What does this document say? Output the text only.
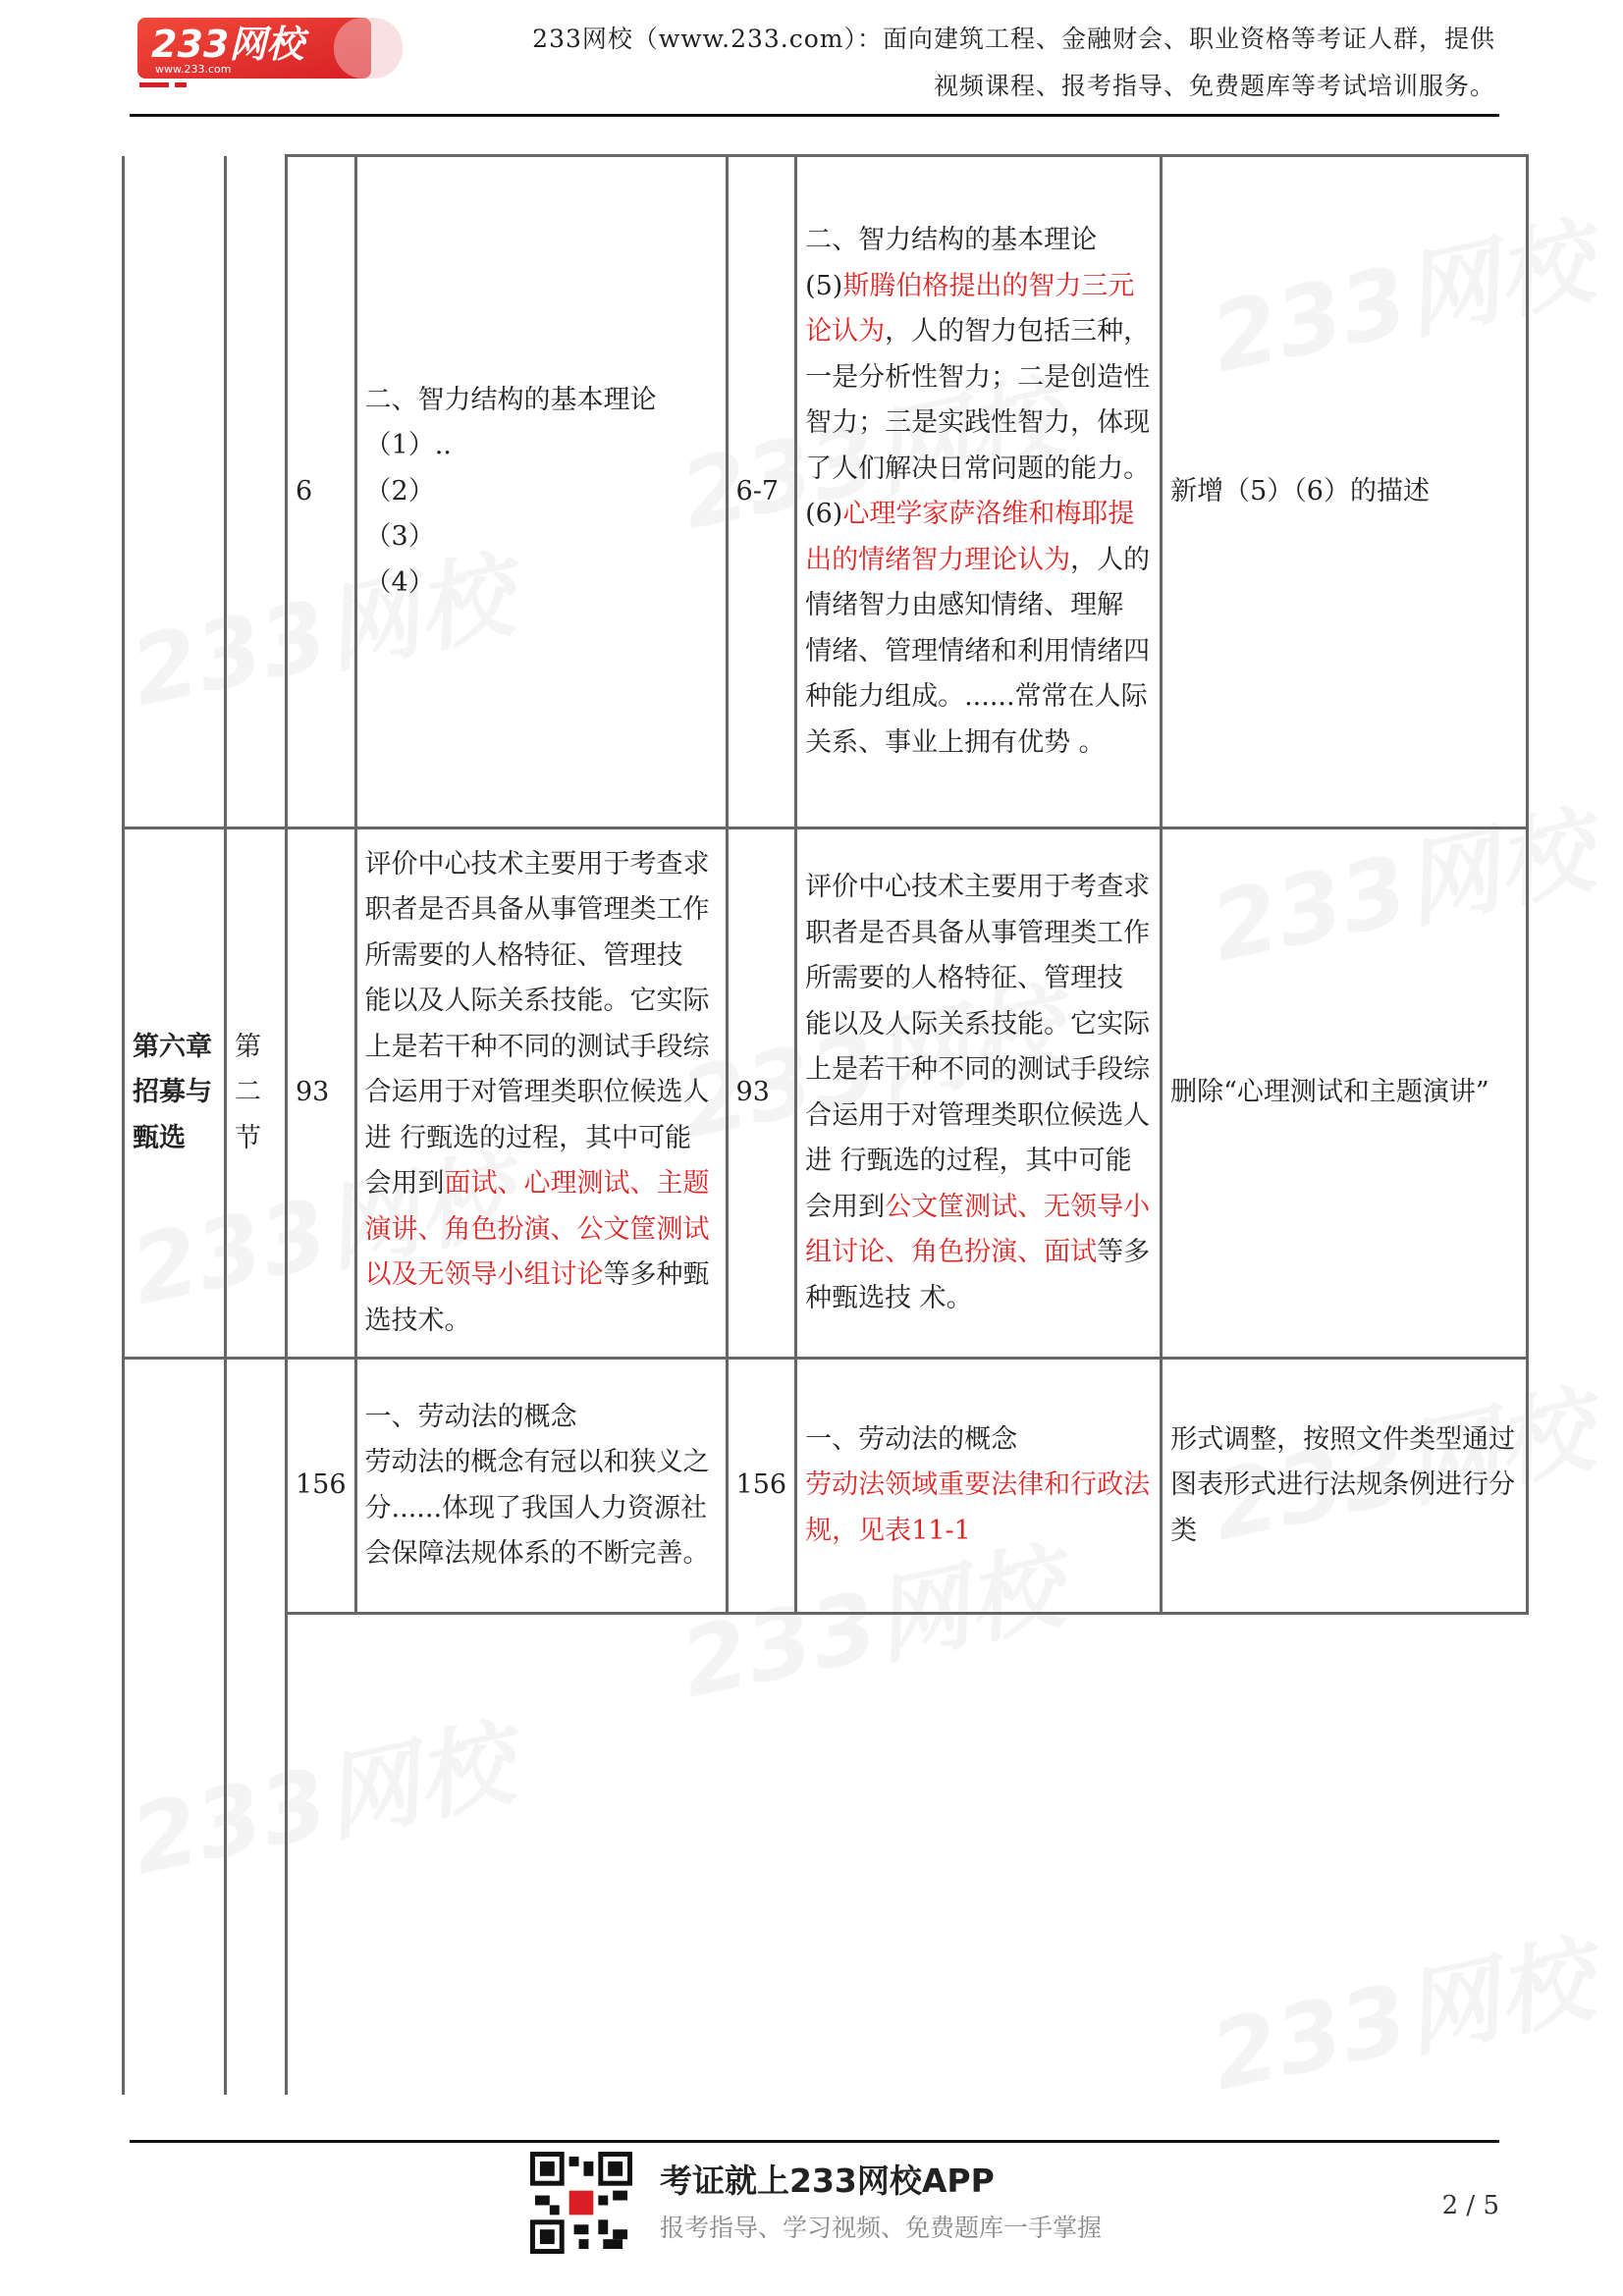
233网校
www.233.com
233网校（www.233.com）：面向建筑工程、金融财会、职业资格等考证人群，提供视频课程、报考指导、免费题库等考试培训服务。
		6	二、智力结构的基本理论
（1）..
（2）
（3）
（4）	6-7	二、智力结构的基本理论
(5)斯腾伯格提出的智力三元论认为，人的智力包括三种，一是分析性智力；二是创造性智力；三是实践性智力，体现了人们解决日常问题的能力。
(6)心理学家萨洛维和梅耶提出的情绪智力理论认为，人的情绪智力由感知情绪、理解 情绪、管理情绪和利用情绪四种能力组成。......常常在人际关系、事业上拥有优势 。	新增（5）（6）的描述
第六章招募与甄选	第二节	93	评价中心技术主要用于考查求职者是否具备从事管理类工作所需要的人格特征、管理技 能以及人际关系技能。它实际上是若干种不同的测试手段综合运用于对管理类职位候选人进 行甄选的过程，其中可能会用到面试、心理测试、主题演讲、角色扮演、公文筐测试以及无领导小组讨论等多种甄选技术。	93	评价中心技术主要用于考查求职者是否具备从事管理类工作所需要的人格特征、管理技 能以及人际关系技能。它实际上是若干种不同的测试手段综合运用于对管理类职位候选人进 行甄选的过程，其中可能会用到公文筐测试、无领导小组讨论、角色扮演、面试等多种甄选技 术。	删除“心理测试和主题演讲”
		156	一、劳动法的概念
劳动法的概念有冠以和狭义之分......体现了我国人力资源社会保障法规体系的不断完善。	156	一、劳动法的概念
劳动法领域重要法律和行政法规，见表11-1	形式调整，按照文件类型通过图表形式进行法规条例进行分类

考证就上233网校APP
报考指导、学习视频、免费题库一手掌握
2 / 5
